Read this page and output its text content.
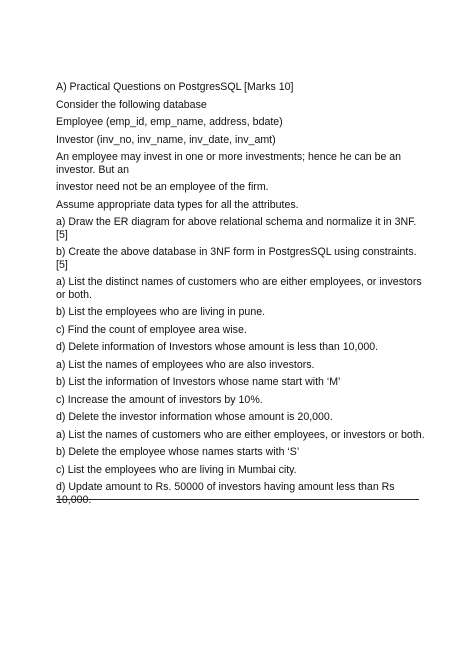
A) Practical Questions on PostgresSQL [Marks 10]

Consider the following database

Employee (emp_id, emp_name, address, bdate)

Investor (inv_no, inv_name, inv_date, inv_amt)

An employee may invest in one or more investments; hence he can be an investor. But an

investor need not be an employee of the firm.

Assume appropriate data types for all the attributes.

a) Draw the ER diagram for above relational schema and normalize it in 3NF. [5]

b) Create the above database in 3NF form in PostgresSQL using constraints. [5]

a) List the distinct names of customers who are either employees, or investors or both.

b) List the employees who are living in pune.

c) Find the count of employee area wise.

d) Delete information of Investors whose amount is less than 10,000.

a) List the names of employees who are also investors.

b) List the information of Investors whose name start with ‘M’

c) Increase the amount of investors by 10%.

d) Delete the investor information whose amount is 20,000.

a) List the names of customers who are either employees, or investors or both.

b) Delete the employee whose names starts with ‘S’

c) List the employees who are living in Mumbai city.

d) Update amount to Rs. 50000 of investors having amount less than Rs 10,000.
